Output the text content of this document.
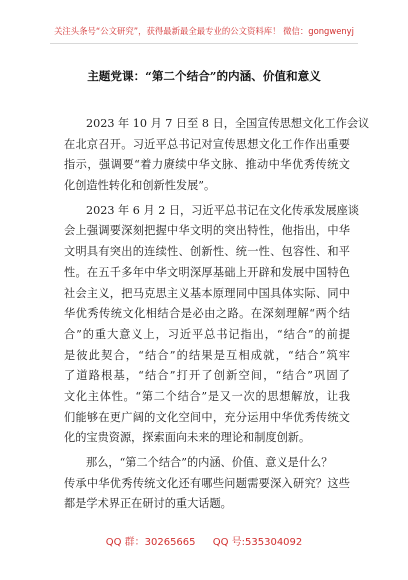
关注头条号“公文研究”，获得最新最全最专业的公文资料库！ 微信：gongwenyj
主题党课：“第二个结合”的内涵、价值和意义
2023 年 10 月 7 日至 8 日，全国宣传思想文化工作会议
在北京召开。习近平总书记对宣传思想文化工作作出重要
指示，强调要“着力赓续中华文脉、推动中华优秀传统文
化创造性转化和创新性发展”。
2023 年 6 月 2 日，习近平总书记在文化传承发展座谈
会上强调要深刻把握中华文明的突出特性，他指出，中华
文明具有突出的连续性、创新性、统一性、包容性、和平
性。在五千多年中华文明深厚基础上开辟和发展中国特色
社会主义，把马克思主义基本原理同中国具体实际、同中
华优秀传统文化相结合是必由之路。在深刻理解“两个结
合”的重大意义上，习近平总书记指出，“结合”的前提
是彼此契合，“结合”的结果是互相成就，“结合”筑牢
了道路根基，“结合”打开了创新空间，“结合”巩固了
文化主体性。“第二个结合”是又一次的思想解放，让我
们能够在更广阔的文化空间中，充分运用中华优秀传统文
化的宝贵资源，探索面向未来的理论和制度创新。
那么，“第二个结合”的内涵、价值、意义是什么？
传承中华优秀传统文化还有哪些问题需要深入研究？这些
都是学术界正在研讨的重大话题。
QQ 群：30265665 QQ 号:535304092
